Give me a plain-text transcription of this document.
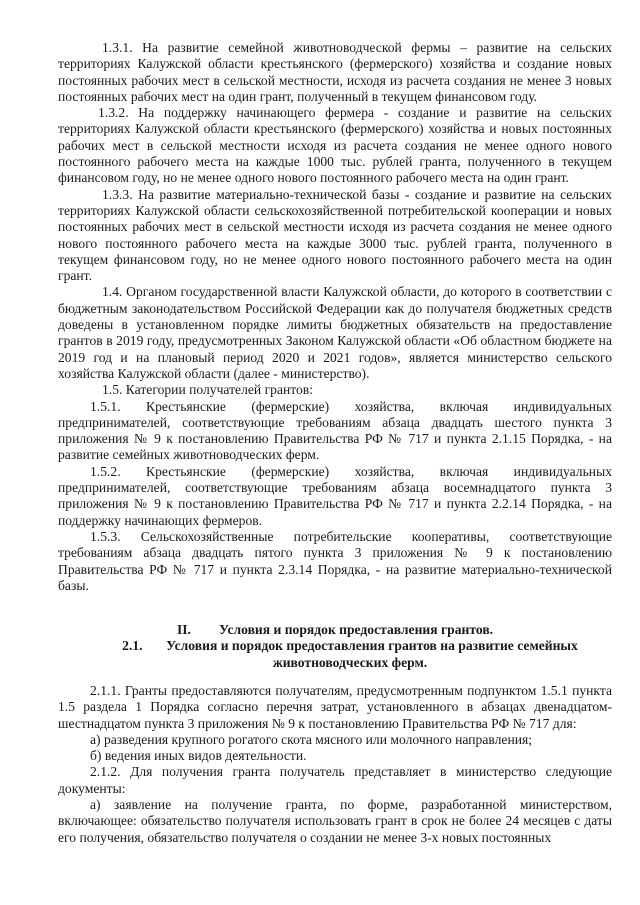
1.3.1. На развитие семейной животноводческой фермы – развитие на сельских территориях Калужской области крестьянского (фермерского) хозяйства и создание новых постоянных рабочих мест в сельской местности, исходя из расчета создания не менее 3 новых постоянных рабочих мест на один грант, полученный в текущем финансовом году.

1.3.2. На поддержку начинающего фермера - создание и развитие на сельских территориях Калужской области крестьянского (фермерского) хозяйства и новых постоянных рабочих мест в сельской местности исходя из расчета создания не менее одного нового постоянного рабочего места на каждые 1000 тыс. рублей гранта, полученного в текущем финансовом году, но не менее одного нового постоянного рабочего места на один грант.

1.3.3. На развитие материально-технической базы - создание и развитие на сельских территориях Калужской области сельскохозяйственной потребительской кооперации и новых постоянных рабочих мест в сельской местности исходя из расчета создания не менее одного нового постоянного рабочего места на каждые 3000 тыс. рублей гранта, полученного в текущем финансовом году, но не менее одного нового постоянного рабочего места на один грант.

1.4. Органом государственной власти Калужской области, до которого в соответствии с бюджетным законодательством Российской Федерации как до получателя бюджетных средств доведены в установленном порядке лимиты бюджетных обязательств на предоставление грантов в 2019 году, предусмотренных Законом Калужской области «Об областном бюджете на 2019 год и на плановый период 2020 и 2021 годов», является министерство сельского хозяйства Калужской области (далее - министерство).

1.5. Категории получателей грантов:

1.5.1. Крестьянские (фермерские) хозяйства, включая индивидуальных предпринимателей, соответствующие требованиям абзаца двадцать шестого пункта 3 приложения № 9 к постановлению Правительства РФ № 717 и пункта 2.1.15 Порядка, - на развитие семейных животноводческих ферм.

1.5.2. Крестьянские (фермерские) хозяйства, включая индивидуальных предпринимателей, соответствующие требованиям абзаца восемнадцатого пункта 3 приложения № 9 к постановлению Правительства РФ № 717 и пункта 2.2.14 Порядка, - на поддержку начинающих фермеров.

1.5.3. Сельскохозяйственные потребительские кооперативы, соответствующие требованиям абзаца двадцать пятого пункта 3 приложения № 9 к постановлению Правительства РФ № 717 и пункта 2.3.14 Порядка, - на развитие материально-технической базы.

II. Условия и порядок предоставления грантов.

2.1. Условия и порядок предоставления грантов на развитие семейных животноводческих ферм.

2.1.1. Гранты предоставляются получателям, предусмотренным подпунктом 1.5.1 пункта 1.5 раздела 1 Порядка согласно перечня затрат, установленного в абзацах двенадцатом-шестнадцатом пункта 3 приложения № 9 к постановлению Правительства РФ № 717 для:

а) разведения крупного рогатого скота мясного или молочного направления;

б) ведения иных видов деятельности.

2.1.2. Для получения гранта получатель представляет в министерство следующие документы:

а) заявление на получение гранта, по форме, разработанной министерством, включающее: обязательство получателя использовать грант в срок не более 24 месяцев с даты его получения, обязательство получателя о создании не менее 3-х новых постоянных
